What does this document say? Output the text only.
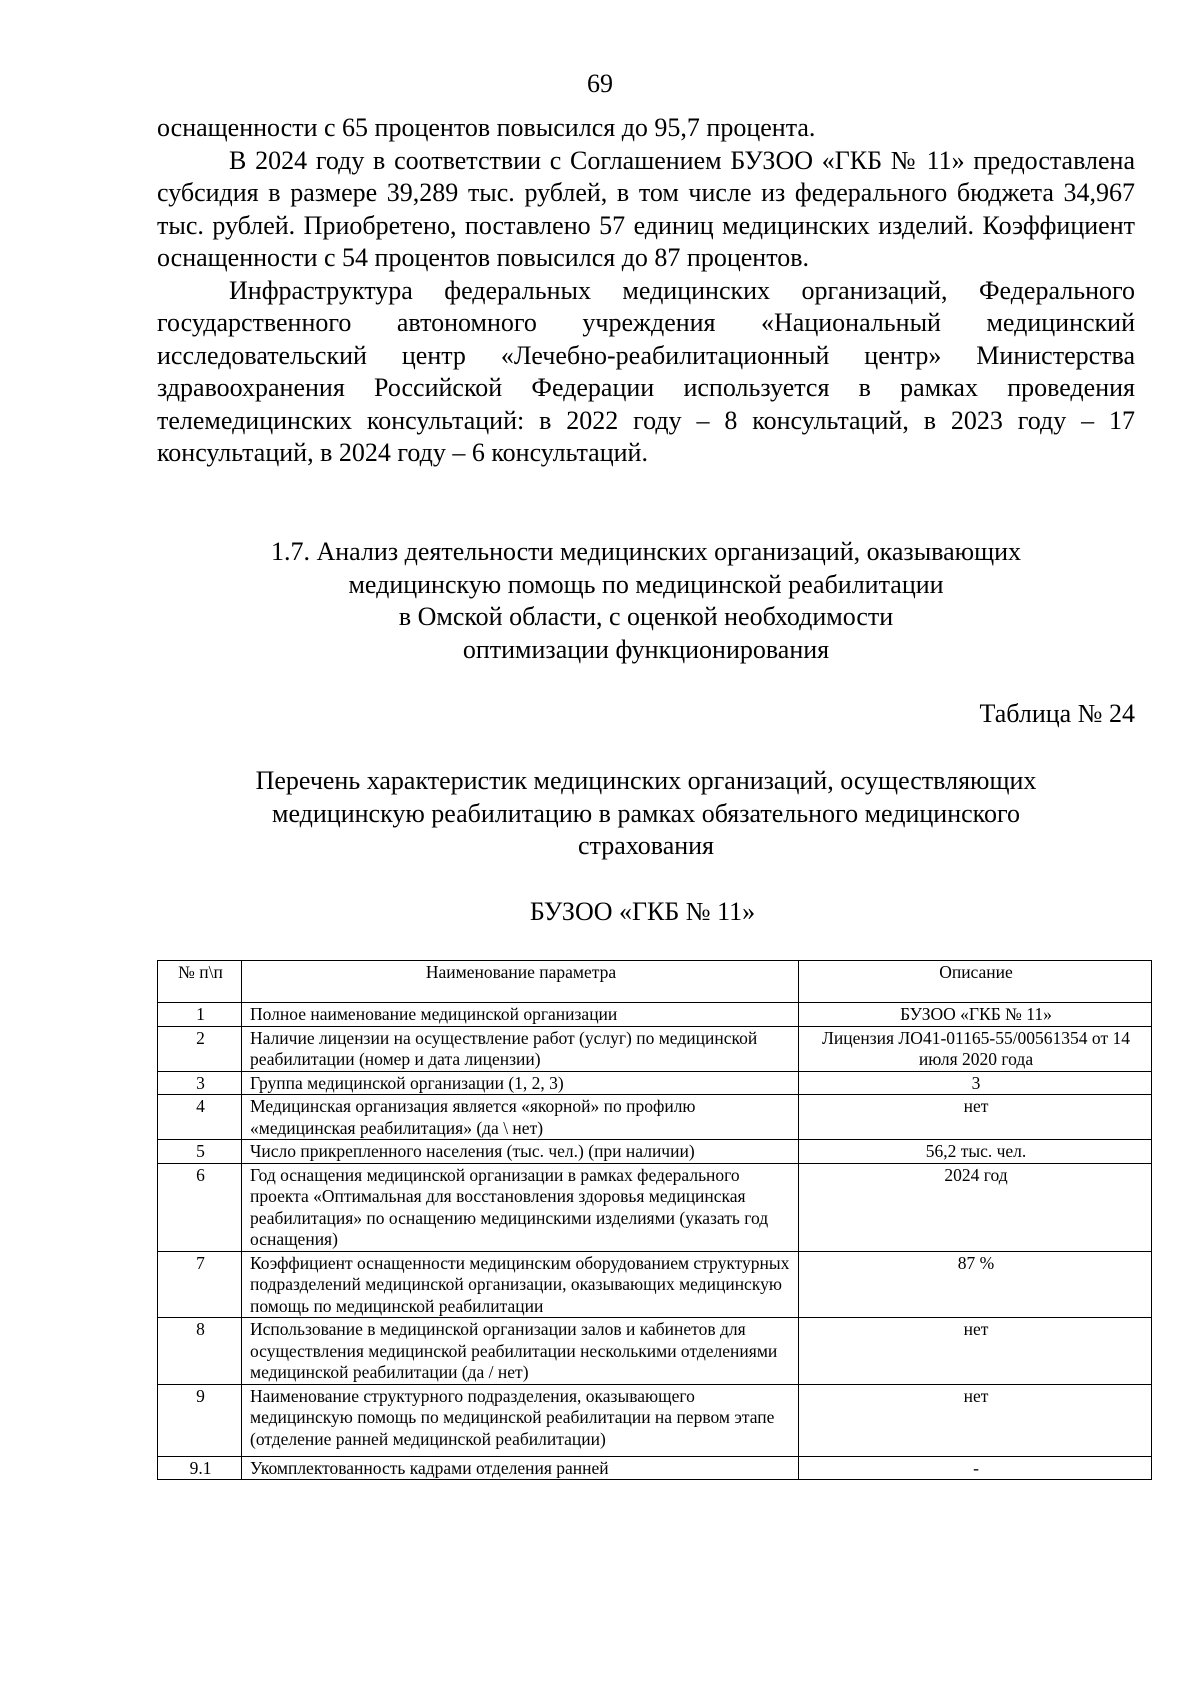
69

оснащенности с 65 процентов повысился до 95,7 процента.

В 2024 году в соответствии с Соглашением БУЗОО «ГКБ № 11» предоставлена субсидия в размере 39,289 тыс. рублей, в том числе из федерального бюджета 34,967 тыс. рублей. Приобретено, поставлено 57 единиц медицинских изделий. Коэффициент оснащенности с 54 процентов повысился до 87 процентов.

Инфраструктура федеральных медицинских организаций, Федерального государственного автономного учреждения «Национальный медицинский исследовательский центр «Лечебно-реабилитационный центр» Министерства здравоохранения Российской Федерации используется в рамках проведения телемедицинских консультаций: в 2022 году – 8 консультаций, в 2023 году – 17 консультаций, в 2024 году – 6 консультаций.

1.7. Анализ деятельности медицинских организаций, оказывающих
медицинскую помощь по медицинской реабилитации
в Омской области, с оценкой необходимости
оптимизации функционирования
Таблица № 24
Перечень характеристик медицинских организаций, осуществляющих
медицинскую реабилитацию в рамках обязательного медицинского
страхования
БУЗОО «ГКБ № 11»
№ п\п	Наименование параметра	Описание
1	Полное наименование медицинской организации	БУЗОО «ГКБ № 11»
2	Наличие лицензии на осуществление работ (услуг) по медицинской реабилитации (номер и дата лицензии)	Лицензия ЛО41-01165-55/00561354 от 14 июля 2020 года
3	Группа медицинской организации (1, 2, 3)	3
4	Медицинская организация является «якорной» по профилю «медицинская реабилитация» (да \ нет)	нет
5	Число прикрепленного населения (тыс. чел.) (при наличии)	56,2 тыс. чел.
6	Год оснащения медицинской организации в рамках федерального проекта «Оптимальная для восстановления здоровья медицинская реабилитация» по оснащению медицинскими изделиями (указать год оснащения)	2024 год
7	Коэффициент оснащенности медицинским оборудованием структурных подразделений медицинской организации, оказывающих медицинскую помощь по медицинской реабилитации	87 %
8	Использование в медицинской организации залов и кабинетов для осуществления медицинской реабилитации несколькими отделениями медицинской реабилитации (да / нет)	нет
9	Наименование структурного подразделения, оказывающего медицинскую помощь по медицинской реабилитации на первом этапе (отделение ранней медицинской реабилитации)	нет
9.1	Укомплектованность кадрами отделения ранней	-
